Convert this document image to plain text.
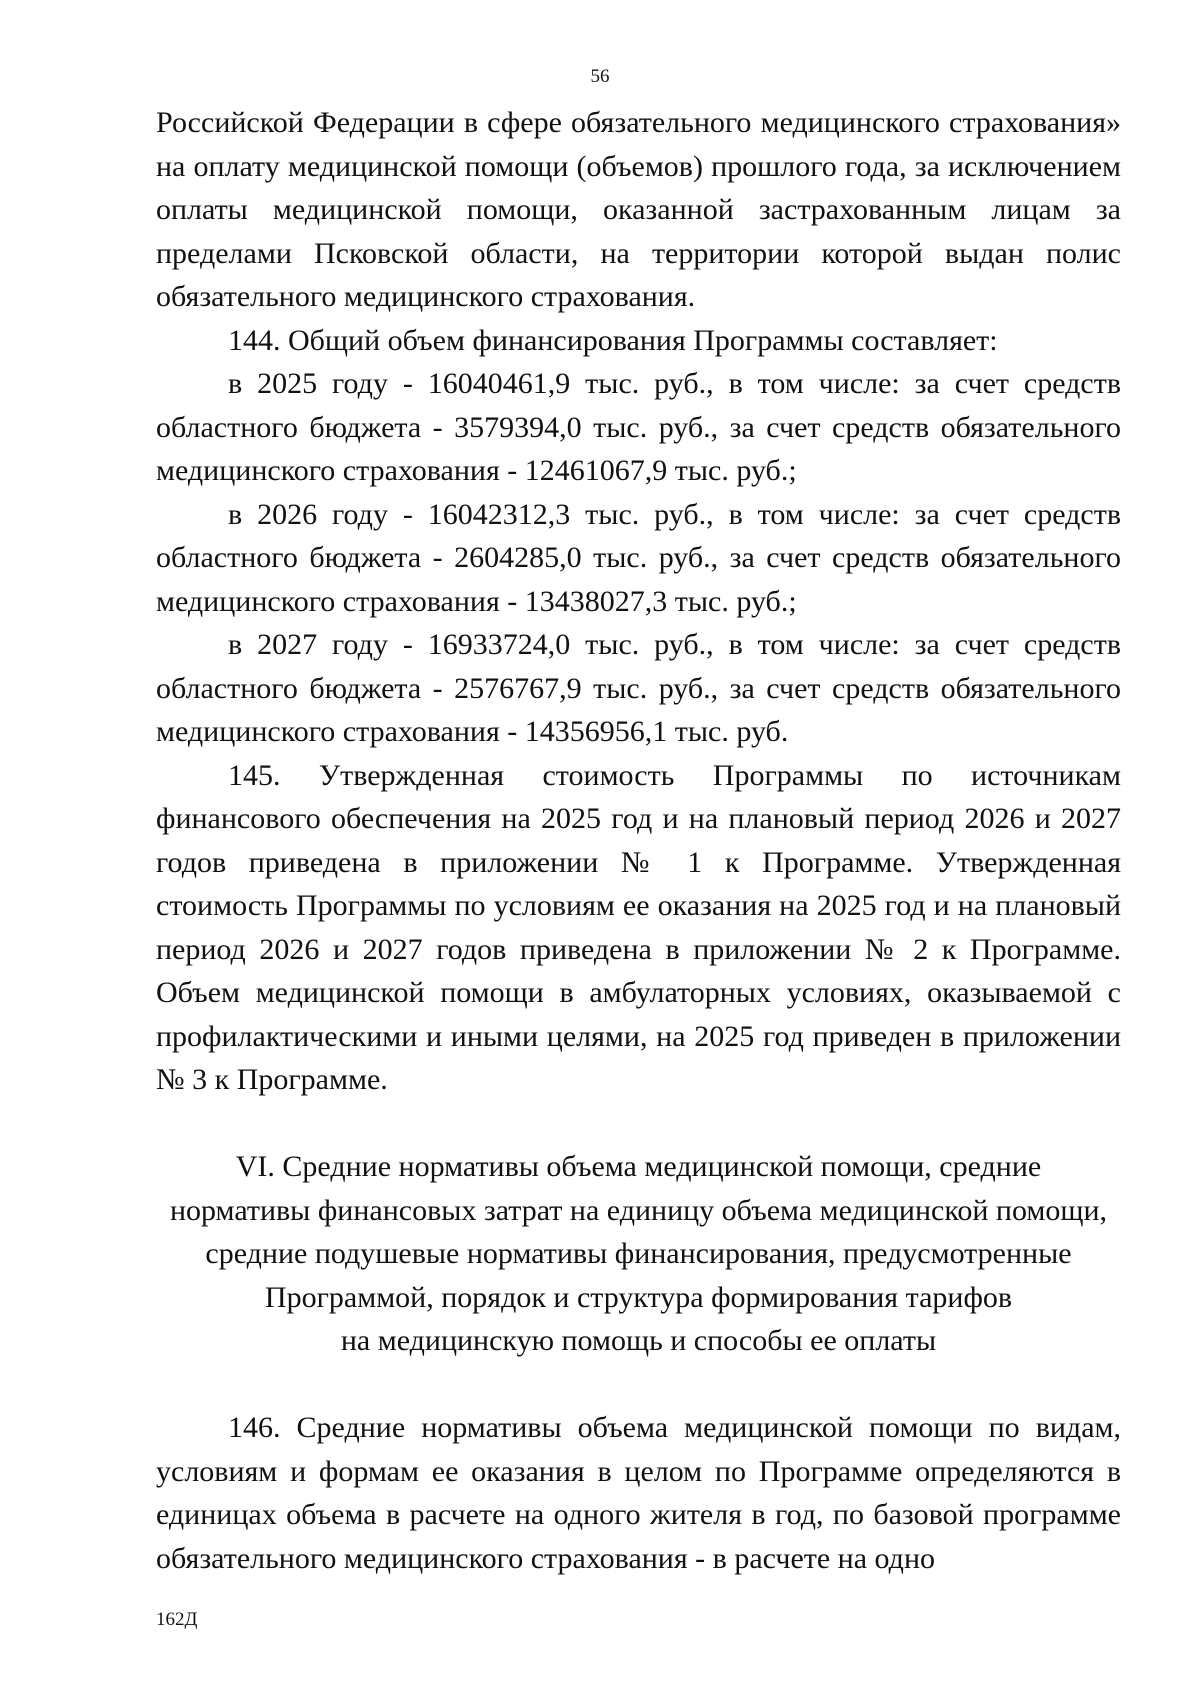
56

Российской Федерации в сфере обязательного медицинского страхования» на оплату медицинской помощи (объемов) прошлого года, за исключением оплаты медицинской помощи, оказанной застрахованным лицам за пределами Псковской области, на территории которой выдан полис обязательного медицинского страхования.

144. Общий объем финансирования Программы составляет:

в 2025 году - 16040461,9 тыс. руб., в том числе: за счет средств областного бюджета - 3579394,0 тыс. руб., за счет средств обязательного медицинского страхования - 12461067,9 тыс. руб.;

в 2026 году - 16042312,3 тыс. руб., в том числе: за счет средств областного бюджета - 2604285,0 тыс. руб., за счет средств обязательного медицинского страхования - 13438027,3 тыс. руб.;

в 2027 году - 16933724,0 тыс. руб., в том числе: за счет средств областного бюджета - 2576767,9 тыс. руб., за счет средств обязательного медицинского страхования - 14356956,1 тыс. руб.

145. Утвержденная стоимость Программы по источникам финансового обеспечения на 2025 год и на плановый период 2026 и 2027 годов приведена в приложении № 1 к Программе. Утвержденная стоимость Программы по условиям ее оказания на 2025 год и на плановый период 2026 и 2027 годов приведена в приложении № 2 к Программе. Объем медицинской помощи в амбулаторных условиях, оказываемой с профилактическими и иными целями, на 2025 год приведен в приложении № 3 к Программе.

VI. Средние нормативы объема медицинской помощи, средние
нормативы финансовых затрат на единицу объема медицинской помощи,
средние подушевые нормативы финансирования, предусмотренные
Программой, порядок и структура формирования тарифов
на медицинскую помощь и способы ее оплаты

146. Средние нормативы объема медицинской помощи по видам, условиям и формам ее оказания в целом по Программе определяются в единицах объема в расчете на одного жителя в год, по базовой программе обязательного медицинского страхования - в расчете на одно

162Д
